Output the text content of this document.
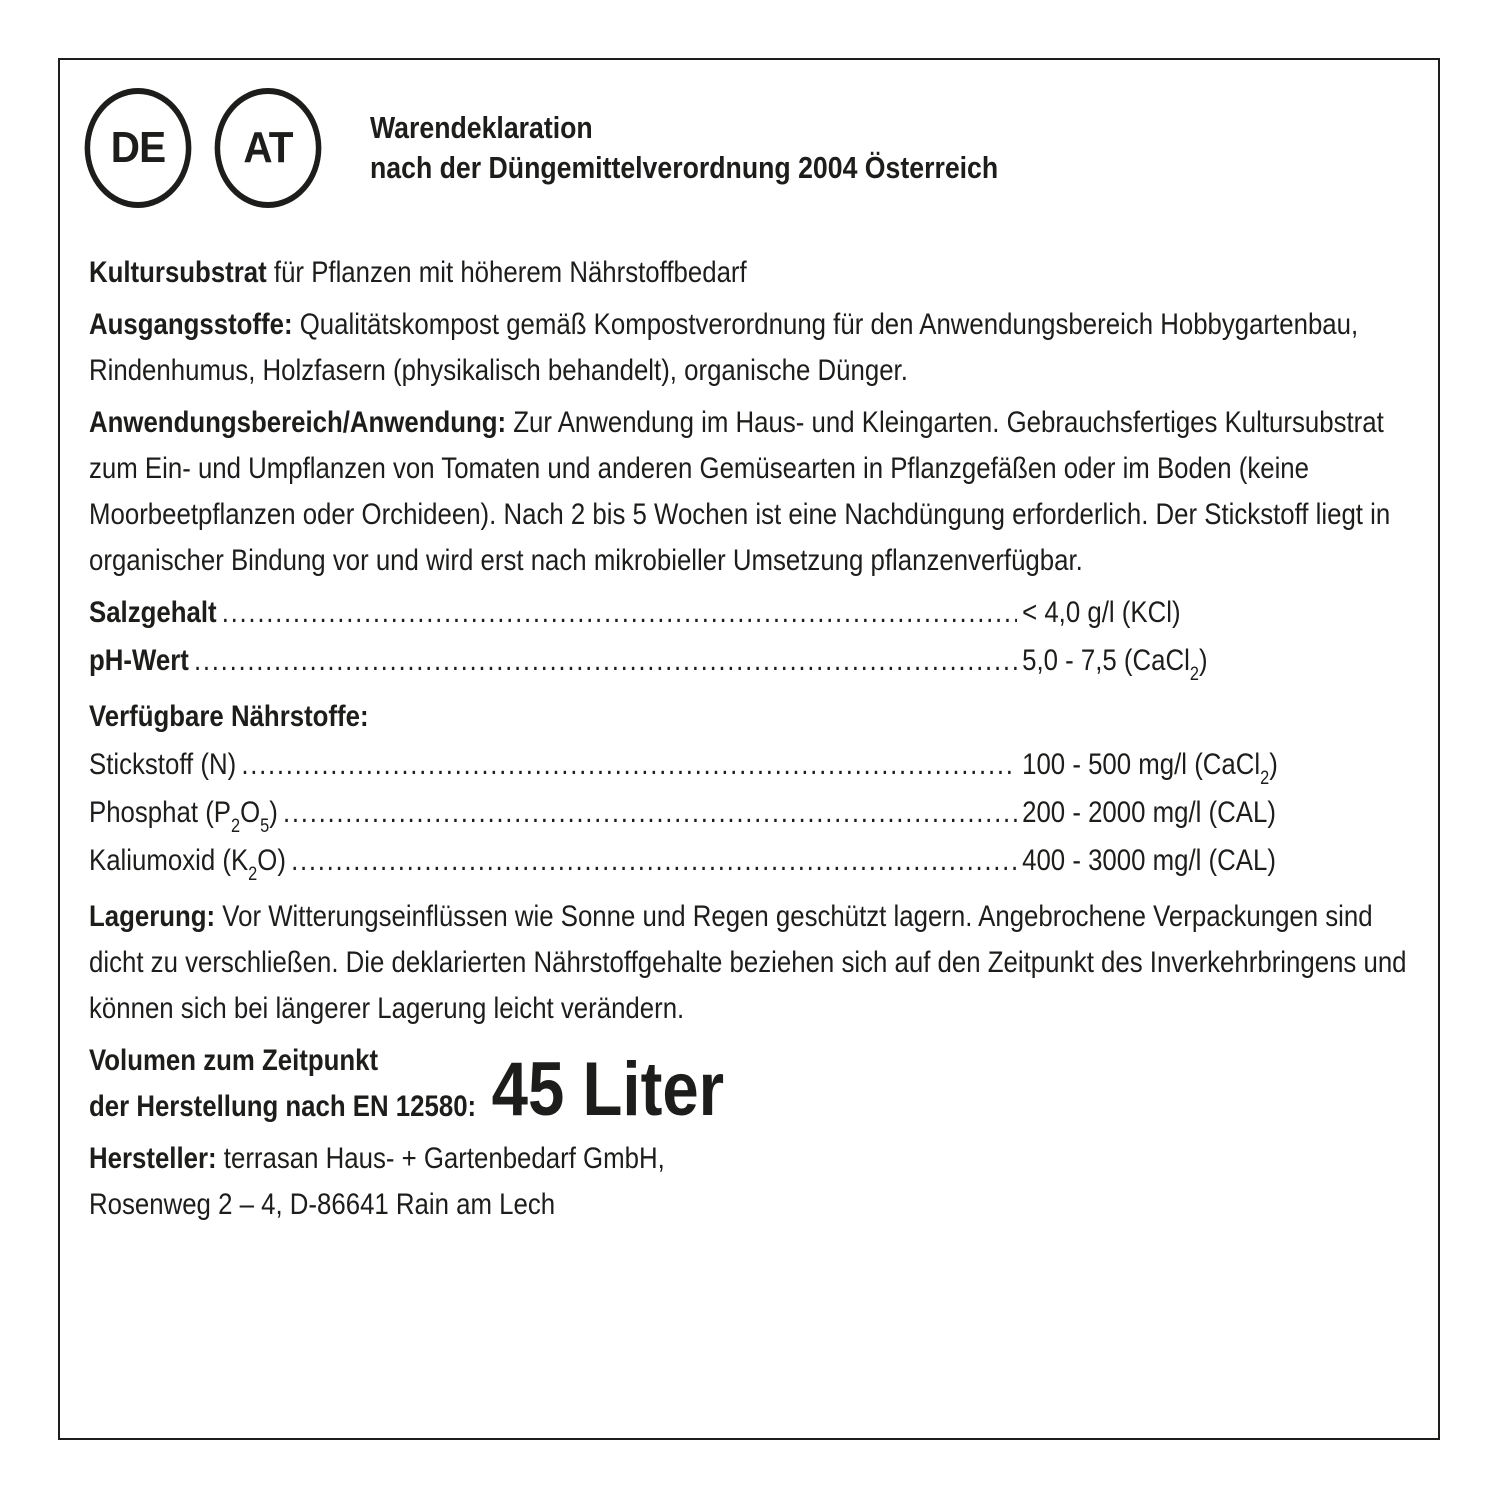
DE AT Warendeklaration
nach der Düngemittelverordnung 2004 Österreich

Kultursubstrat für Pflanzen mit höherem Nährstoffbedarf

Ausgangsstoffe: Qualitätskompost gemäß Kompostverordnung für den Anwendungsbereich Hobbygartenbau, Rindenhumus, Holzfasern (physikalisch behandelt), organische Dünger.

Anwendungsbereich/Anwendung: Zur Anwendung im Haus- und Kleingarten. Gebrauchsfertiges Kultursubstrat zum Ein- und Umpflanzen von Tomaten und anderen Gemüsearten in Pflanzgefäßen oder im Boden (keine Moorbeetpflanzen oder Orchideen). Nach 2 bis 5 Wochen ist eine Nachdüngung erforderlich. Der Stickstoff liegt in organischer Bindung vor und wird erst nach mikrobieller Umsetzung pflanzenverfügbar.

Salzgehalt .....	< 4,0 g/l (KCl)
pH-Wert .....	5,0 - 7,5 (CaCl$_2$)
Verfügbare Nährstoffe:
Stickstoff (N) .....	100 - 500 mg/l (CaCl$_2$)
Phosphat $(P_2O_5)$ .....	200 - 2000 mg/l (CAL)
Kaliumoxid $(K_2O)$ .....	400 - 3000 mg/l (CAL)

Lagerung: Vor Witterungseinflüssen wie Sonne und Regen geschützt lagern. Angebrochene Verpackungen sind dicht zu verschließen. Die deklarierten Nährstoffgehalte beziehen sich auf den Zeitpunkt des Inverkehrbringens und können sich bei längerer Lagerung leicht verändern.

Volumen zum Zeitpunkt
der Herstellung nach EN 12580: 45 Liter

Hersteller: terrasan Haus- + Gartenbedarf GmbH,
Rosenweg 2 – 4, D-86641 Rain am Lech
